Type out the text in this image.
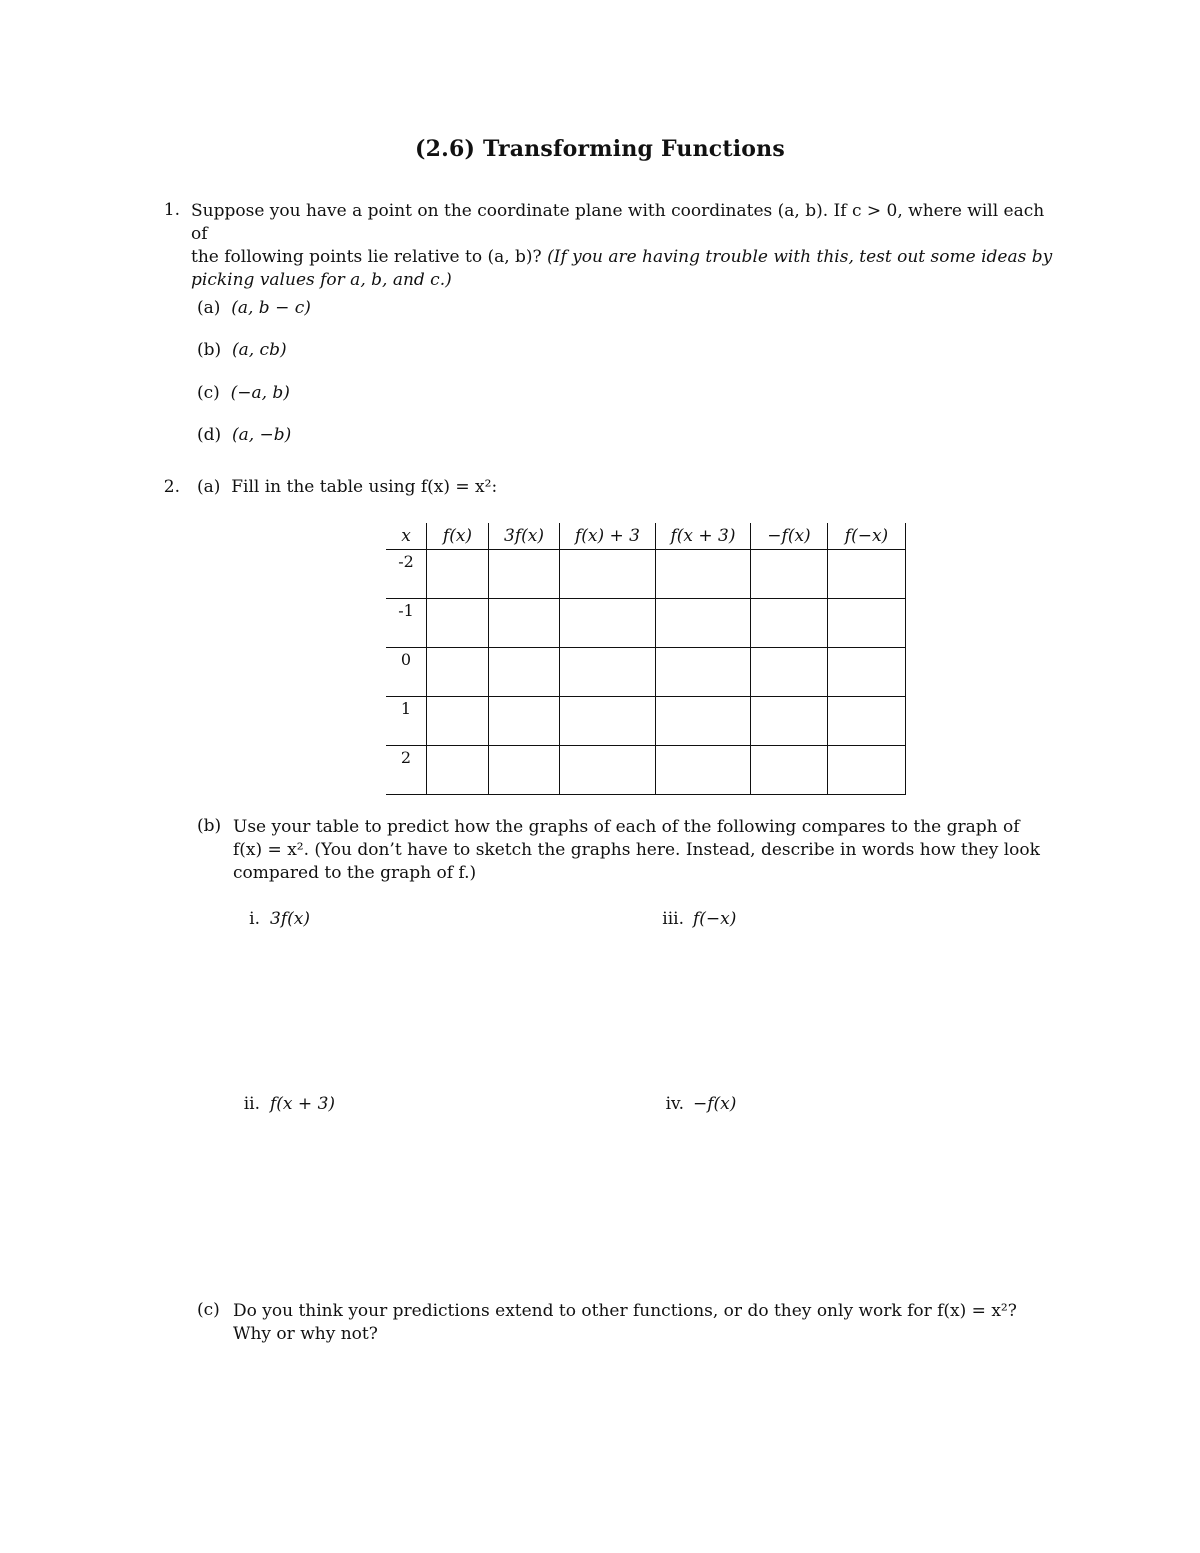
(2.6) Transforming Functions
1. Suppose you have a point on the coordinate plane with coordinates (a, b). If c > 0, where will each of
the following points lie relative to (a, b)? (If you are having trouble with this, test out some ideas by
picking values for a, b, and c.)
(a) (a, b − c)
(b) (a, cb)
(c) (−a, b)
(d) (a, −b)
2. (a) Fill in the table using f(x) = x²:
x	f(x)	3f(x)	f(x) + 3	f(x + 3)	−f(x)	f(−x)
-2						
-1						
0						
1						
2						
(b) Use your table to predict how the graphs of each of the following compares to the graph of
f(x) = x². (You don’t have to sketch the graphs here. Instead, describe in words how they look
compared to the graph of f.)
i. 3f(x)
ii. f(x + 3)
iii. f(−x)
iv. −f(x)
(c) Do you think your predictions extend to other functions, or do they only work for f(x) = x²?
Why or why not?
